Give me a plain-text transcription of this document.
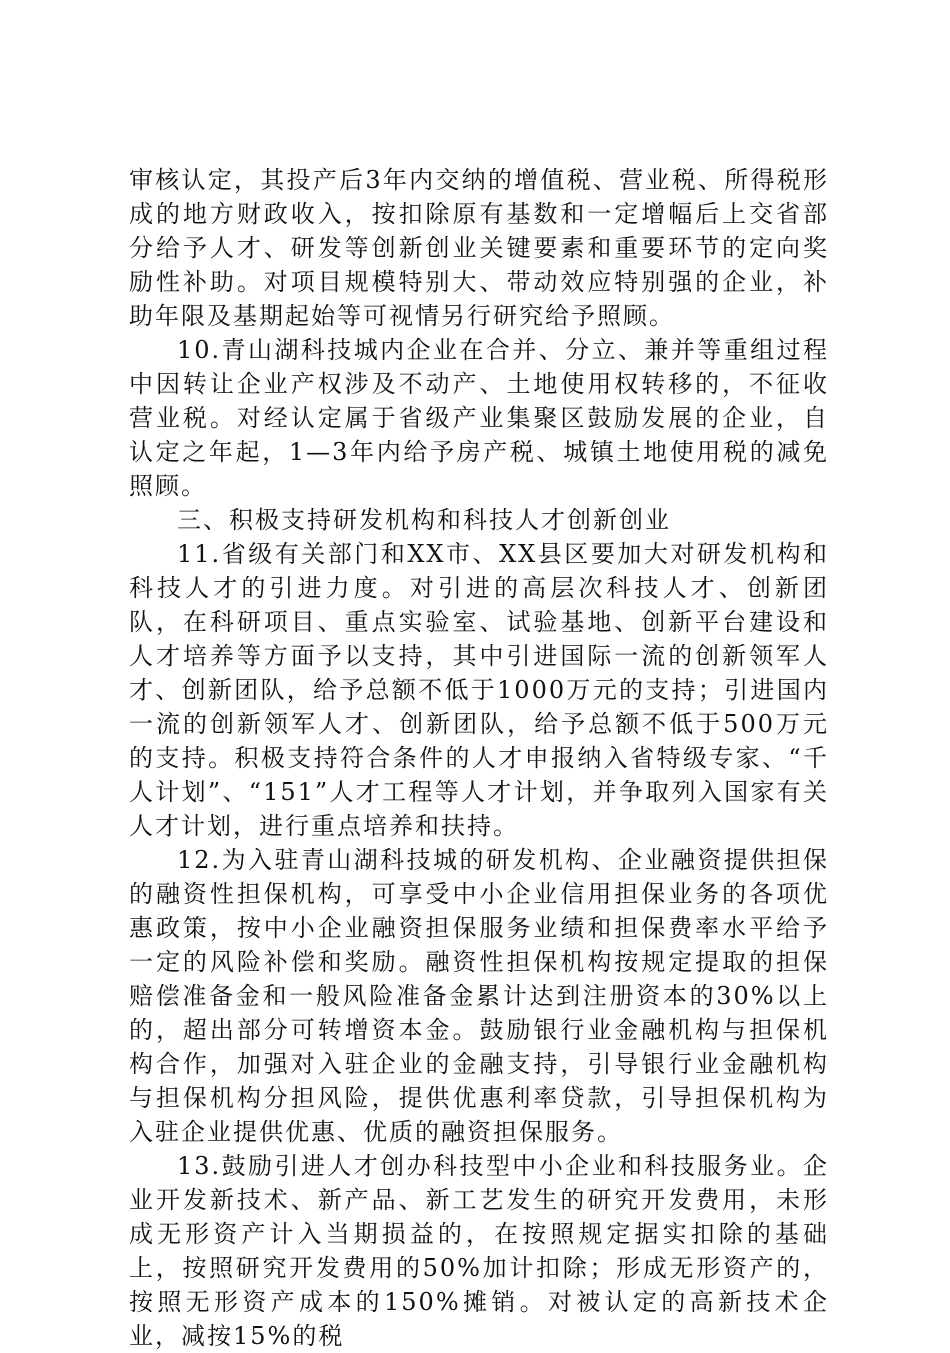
审核认定，其投产后3年内交纳的增值税、营业税、所得税形成的地方财政收入，按扣除原有基数和一定增幅后上交省部分给予人才、研发等创新创业关键要素和重要环节的定向奖励性补助。对项目规模特别大、带动效应特别强的企业，补助年限及基期起始等可视情另行研究给予照顾。

10.青山湖科技城内企业在合并、分立、兼并等重组过程中因转让企业产权涉及不动产、土地使用权转移的，不征收营业税。对经认定属于省级产业集聚区鼓励发展的企业，自认定之年起，1—3年内给予房产税、城镇土地使用税的减免照顾。

三、积极支持研发机构和科技人才创新创业

11.省级有关部门和XX市、XX县区要加大对研发机构和科技人才的引进力度。对引进的高层次科技人才、创新团队，在科研项目、重点实验室、试验基地、创新平台建设和人才培养等方面予以支持，其中引进国际一流的创新领军人才、创新团队，给予总额不低于1000万元的支持；引进国内一流的创新领军人才、创新团队，给予总额不低于500万元的支持。积极支持符合条件的人才申报纳入省特级专家、“千人计划”、“151”人才工程等人才计划，并争取列入国家有关人才计划，进行重点培养和扶持。

12.为入驻青山湖科技城的研发机构、企业融资提供担保的融资性担保机构，可享受中小企业信用担保业务的各项优惠政策，按中小企业融资担保服务业绩和担保费率水平给予一定的风险补偿和奖励。融资性担保机构按规定提取的担保赔偿准备金和一般风险准备金累计达到注册资本的30%以上的，超出部分可转增资本金。鼓励银行业金融机构与担保机构合作，加强对入驻企业的金融支持，引导银行业金融机构与担保机构分担风险，提供优惠利率贷款，引导担保机构为入驻企业提供优惠、优质的融资担保服务。

13.鼓励引进人才创办科技型中小企业和科技服务业。企业开发新技术、新产品、新工艺发生的研究开发费用，未形成无形资产计入当期损益的，在按照规定据实扣除的基础上，按照研究开发费用的50%加计扣除；形成无形资产的，按照无形资产成本的150%摊销。对被认定的高新技术企业，减按15%的税
